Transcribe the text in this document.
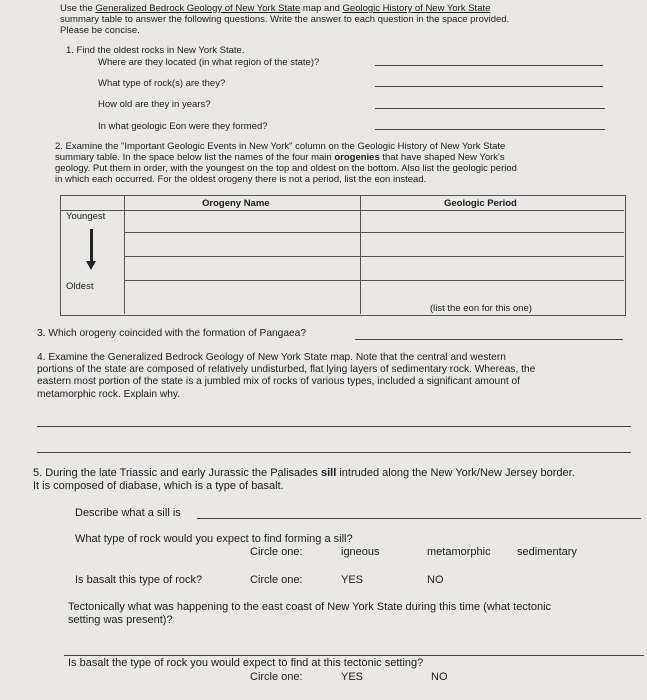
Use the Generalized Bedrock Geology of New York State map and Geologic History of New York State
summary table to answer the following questions. Write the answer to each question in the space provided.
Please be concise.
1. Find the oldest rocks in New York State.
Where are they located (in what region of the state)?
What type of rock(s) are they?
How old are they in years?
In what geologic Eon were they formed?
2. Examine the "Important Geologic Events in New York" column on the Geologic History of New York State
summary table. In the space below list the names of the four main orogenies that have shaped New York's
geology. Put them in order, with the youngest on the top and oldest on the bottom. Also list the geologic period
in which each occurred. For the oldest orogeny there is not a period, list the eon instead.
Orogeny Name	Geologic Period
Youngest
Oldest
(list the eon for this one)
3. Which orogeny coincided with the formation of Pangaea?
4. Examine the Generalized Bedrock Geology of New York State map. Note that the central and western
portions of the state are composed of relatively undisturbed, flat lying layers of sedimentary rock. Whereas, the
eastern most portion of the state is a jumbled mix of rocks of various types, included a significant amount of
metamorphic rock. Explain why.
5. During the late Triassic and early Jurassic the Palisades sill intruded along the New York/New Jersey border.
It is composed of diabase, which is a type of basalt.
Describe what a sill is
What type of rock would you expect to find forming a sill?
Circle one:	igneous	metamorphic sedimentary
Is basalt this type of rock?	Circle one:	YES	NO
Tectonically what was happening to the east coast of New York State during this time (what tectonic
setting was present)?
Is basalt the type of rock you would expect to find at this tectonic setting?
Circle one:	YES	NO
